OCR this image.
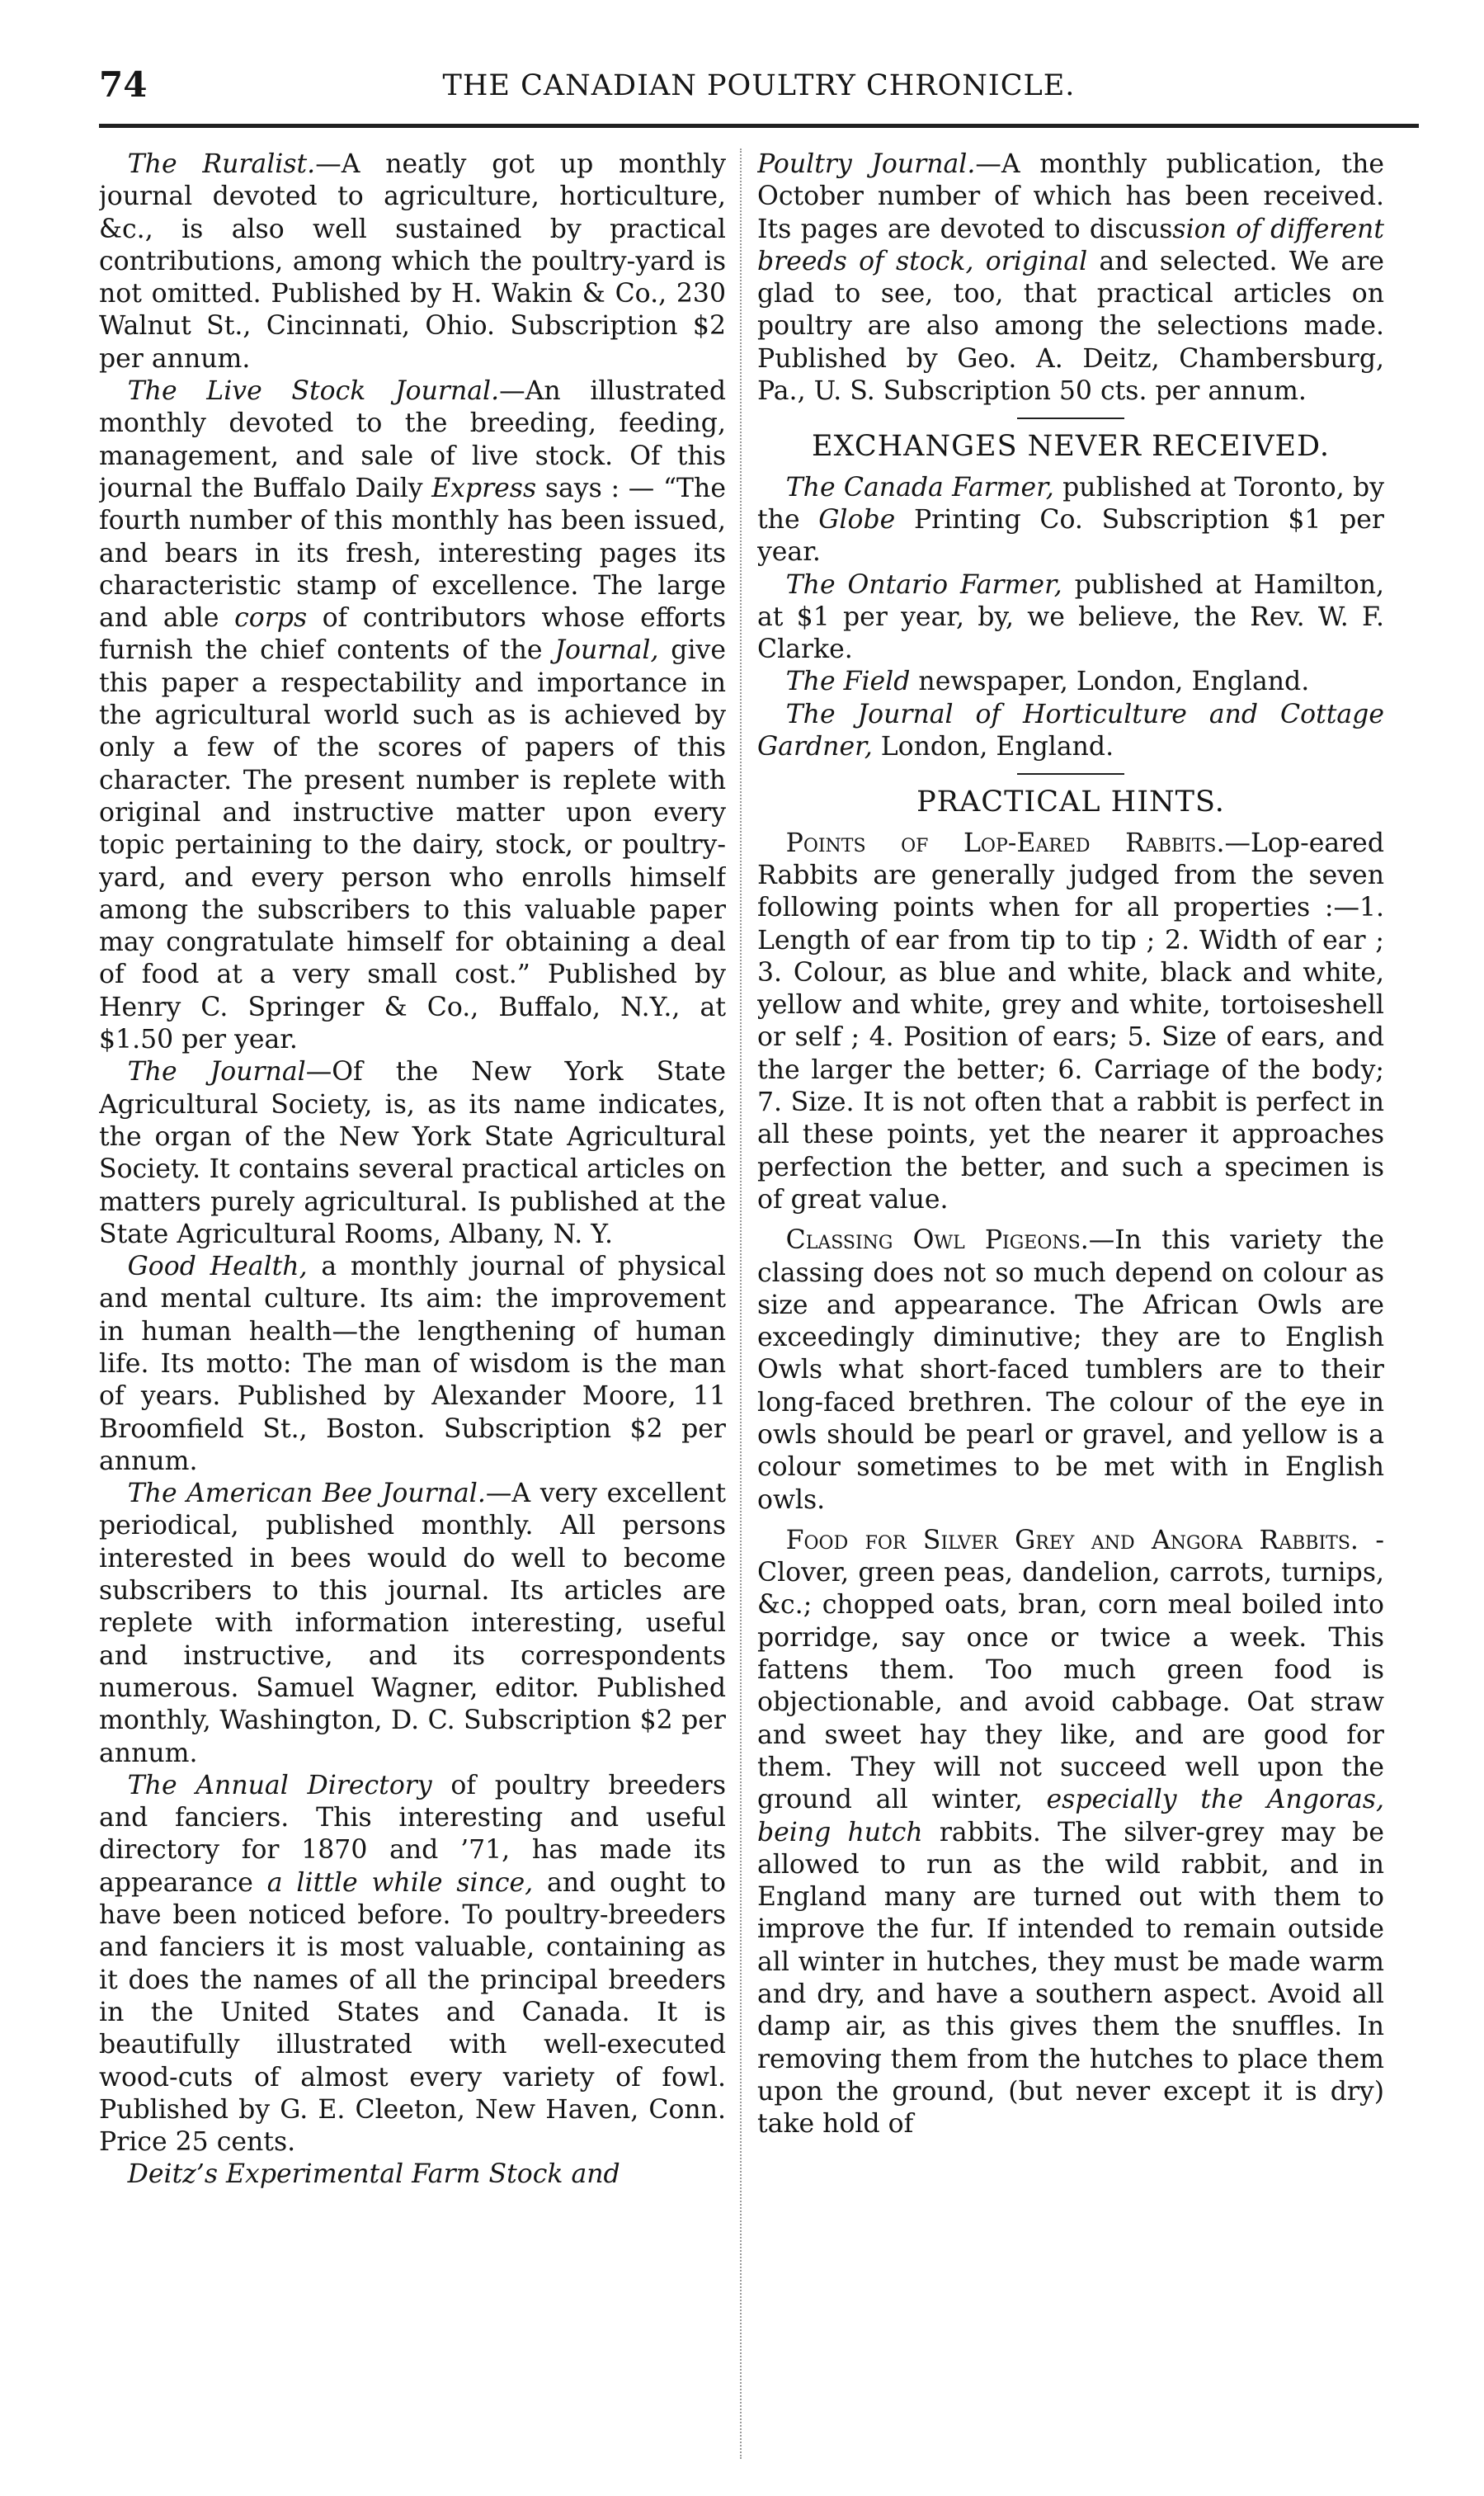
74	THE CANADIAN POULTRY CHRONICLE.

The Ruralist.—A neatly got up monthly journal devoted to agriculture, horticulture, &c., is also well sustained by practical contributions, among which the poultry-yard is not omitted. Published by H. Wakin & Co., 230 Walnut St., Cincinnati, Ohio. Subscription $2 per annum.

The Live Stock Journal.—An illustrated monthly devoted to the breeding, feeding, management, and sale of live stock. Of this journal the Buffalo Daily Express says : — “The fourth number of this monthly has been issued, and bears in its fresh, interesting pages its characteristic stamp of excellence. The large and able corps of contributors whose efforts furnish the chief contents of the Journal, give this paper a respectability and importance in the agricultural world such as is achieved by only a few of the scores of papers of this character. The present number is replete with original and instructive matter upon every topic pertaining to the dairy, stock, or poultry-yard, and every person who enrolls himself among the subscribers to this valuable paper may congratulate himself for obtaining a deal of food at a very small cost.” Published by Henry C. Springer & Co., Buffalo, N.Y., at $1.50 per year.

The Journal—Of the New York State Agricultural Society, is, as its name indicates, the organ of the New York State Agricultural Society. It contains several practical articles on matters purely agricultural. Is published at the State Agricultural Rooms, Albany, N. Y.

Good Health, a monthly journal of physical and mental culture. Its aim: the improvement in human health—the lengthening of human life. Its motto: The man of wisdom is the man of years. Published by Alexander Moore, 11 Broomfield St., Boston. Subscription $2 per annum.

The American Bee Journal.—A very excellent periodical, published monthly. All persons interested in bees would do well to become subscribers to this journal. Its articles are replete with information interesting, useful and instructive, and its correspondents numerous. Samuel Wagner, editor. Published monthly, Washington, D. C. Subscription $2 per annum.

The Annual Directory of poultry breeders and fanciers. This interesting and useful directory for 1870 and ’71, has made its appearance a little while since, and ought to have been noticed before. To poultry-breeders and fanciers it is most valuable, containing as it does the names of all the principal breeders in the United States and Canada. It is beautifully illustrated with well-executed wood-cuts of almost every variety of fowl. Published by G. E. Cleeton, New Haven, Conn. Price 25 cents.

Deitz’s Experimental Farm Stock and

Poultry Journal.—A monthly publication, the October number of which has been received. Its pages are devoted to discussion of different breeds of stock, original and selected. We are glad to see, too, that practical articles on poultry are also among the selections made. Published by Geo. A. Deitz, Chambersburg, Pa., U. S. Subscription 50 cts. per annum.

EXCHANGES NEVER RECEIVED.

The Canada Farmer, published at Toronto, by the Globe Printing Co. Subscription $1 per year.

The Ontario Farmer, published at Hamilton, at $1 per year, by, we believe, the Rev. W. F. Clarke.

The Field newspaper, London, England.

The Journal of Horticulture and Cottage Gardner, London, England.

PRACTICAL HINTS.

Points of Lop-Eared Rabbits.—Lop-eared Rabbits are generally judged from the seven following points when for all properties :—1. Length of ear from tip to tip ; 2. Width of ear ; 3. Colour, as blue and white, black and white, yellow and white, grey and white, tortoiseshell or self ; 4. Position of ears; 5. Size of ears, and the larger the better; 6. Carriage of the body; 7. Size. It is not often that a rabbit is perfect in all these points, yet the nearer it approaches perfection the better, and such a specimen is of great value.

Classing Owl Pigeons.—In this variety the classing does not so much depend on colour as size and appearance. The African Owls are exceedingly diminutive; they are to English Owls what short-faced tumblers are to their long-faced brethren. The colour of the eye in owls should be pearl or gravel, and yellow is a colour sometimes to be met with in English owls.

Food for Silver Grey and Angora Rabbits. -Clover, green peas, dandelion, carrots, turnips, &c.; chopped oats, bran, corn meal boiled into porridge, say once or twice a week. This fattens them. Too much green food is objectionable, and avoid cabbage. Oat straw and sweet hay they like, and are good for them. They will not succeed well upon the ground all winter, especially the Angoras, being hutch rabbits. The silver-grey may be allowed to run as the wild rabbit, and in England many are turned out with them to improve the fur. If intended to remain outside all winter in hutches, they must be made warm and dry, and have a southern aspect. Avoid all damp air, as this gives them the snuffles. In removing them from the hutches to place them upon the ground, (but never except it is dry) take hold of
